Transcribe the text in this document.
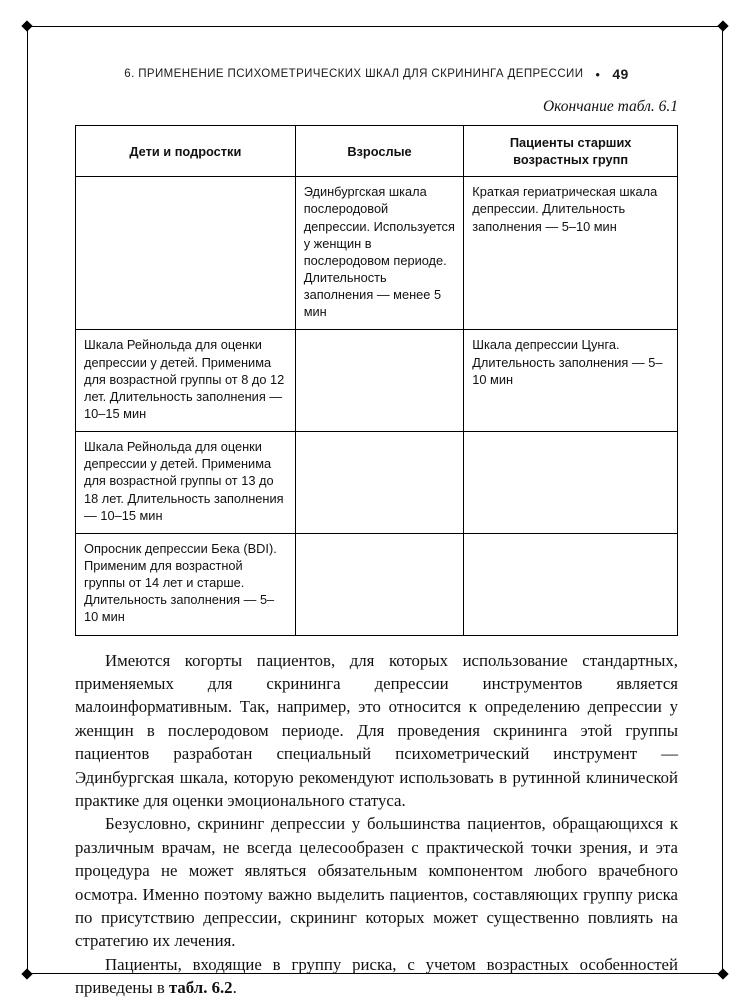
6. ПРИМЕНЕНИЕ ПСИХОМЕТРИЧЕСКИХ ШКАЛ ДЛЯ СКРИНИНГА ДЕПРЕССИИ • 49
Окончание табл. 6.1
Дети и подростки	Взрослые	Пациенты старших возрастных групп
	Эдинбургская шкала послеродовой депрессии. Используется у женщин в послеродовом периоде. Длительность заполнения — менее 5 мин	Краткая гериатрическая шкала депрессии. Длительность заполнения — 5–10 мин
Шкала Рейнольда для оценки депрессии у детей. Применима для возрастной группы от 8 до 12 лет. Длительность заполнения — 10–15 мин		Шкала депрессии Цунга. Длительность заполнения — 5–10 мин
Шкала Рейнольда для оценки депрессии у детей. Применима для возрастной группы от 13 до 18 лет. Длительность заполнения — 10–15 мин		
Опросник депрессии Бека (BDI). Применим для возрастной группы от 14 лет и старше. Длительность заполнения — 5–10 мин		

Имеются когорты пациентов, для которых использование стандартных, применяемых для скрининга депрессии инструментов является малоинформативным. Так, например, это относится к определению депрессии у женщин в послеродовом периоде. Для проведения скрининга этой группы пациентов разработан специальный психометрический инструмент — Эдинбургская шкала, которую рекомендуют использовать в рутинной клинической практике для оценки эмоционального статуса.

Безусловно, скрининг депрессии у большинства пациентов, обращающихся к различным врачам, не всегда целесообразен с практической точки зрения, и эта процедура не может являться обязательным компонентом любого врачебного осмотра. Именно поэтому важно выделить пациентов, составляющих группу риска по присутствию депрессии, скрининг которых может существенно повлиять на стратегию их лечения.

Пациенты, входящие в группу риска, с учетом возрастных особенностей приведены в табл. 6.2.
